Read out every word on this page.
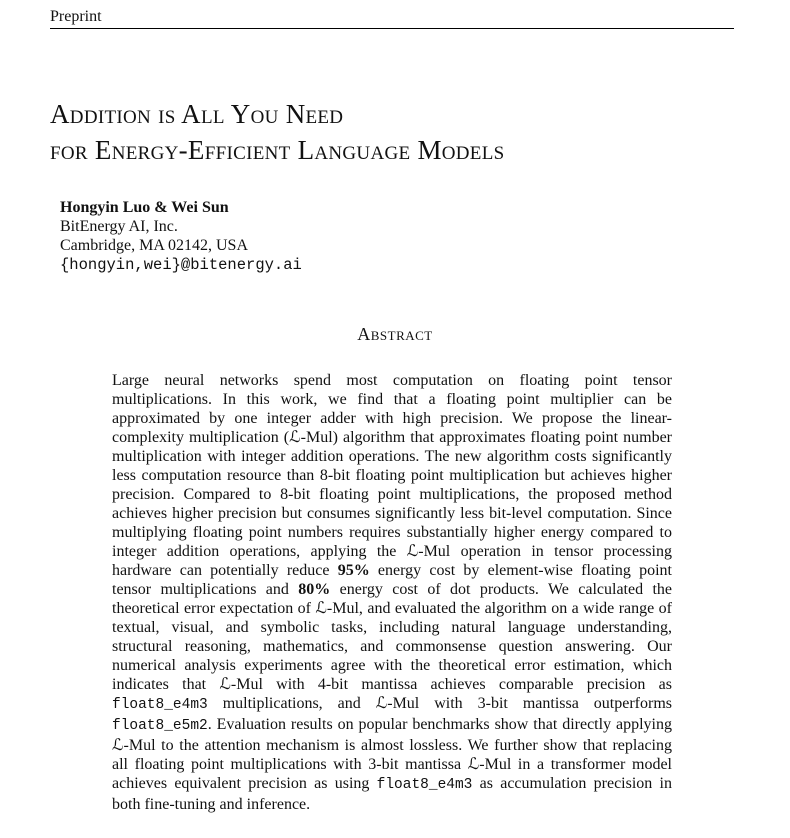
Preprint
Addition is All You Need
for Energy-Efficient Language Models
Hongyin Luo & Wei Sun
BitEnergy AI, Inc.
Cambridge, MA 02142, USA
{hongyin,wei}@bitenergy.ai
Abstract

Large neural networks spend most computation on floating point tensor multiplications. In this work, we find that a floating point multiplier can be approximated by one integer adder with high precision. We propose the linear-complexity multiplication (ℒ-Mul) algorithm that approximates floating point number multiplication with integer addition operations. The new algorithm costs significantly less computation resource than 8-bit floating point multiplication but achieves higher precision. Compared to 8-bit floating point multiplications, the proposed method achieves higher precision but consumes significantly less bit-level computation. Since multiplying floating point numbers requires substantially higher energy compared to integer addition operations, applying the ℒ-Mul operation in tensor processing hardware can potentially reduce 95% energy cost by element-wise floating point tensor multiplications and 80% energy cost of dot products. We calculated the theoretical error expectation of ℒ-Mul, and evaluated the algorithm on a wide range of textual, visual, and symbolic tasks, including natural language understanding, structural reasoning, mathematics, and commonsense question answering. Our numerical analysis experiments agree with the theoretical error estimation, which indicates that ℒ-Mul with 4-bit mantissa achieves comparable precision as float8_e4m3 multiplications, and ℒ-Mul with 3-bit mantissa outperforms float8_e5m2. Evaluation results on popular benchmarks show that directly applying ℒ-Mul to the attention mechanism is almost lossless. We further show that replacing all floating point multiplications with 3-bit mantissa ℒ-Mul in a transformer model achieves equivalent precision as using float8_e4m3 as accumulation precision in both fine-tuning and inference.
